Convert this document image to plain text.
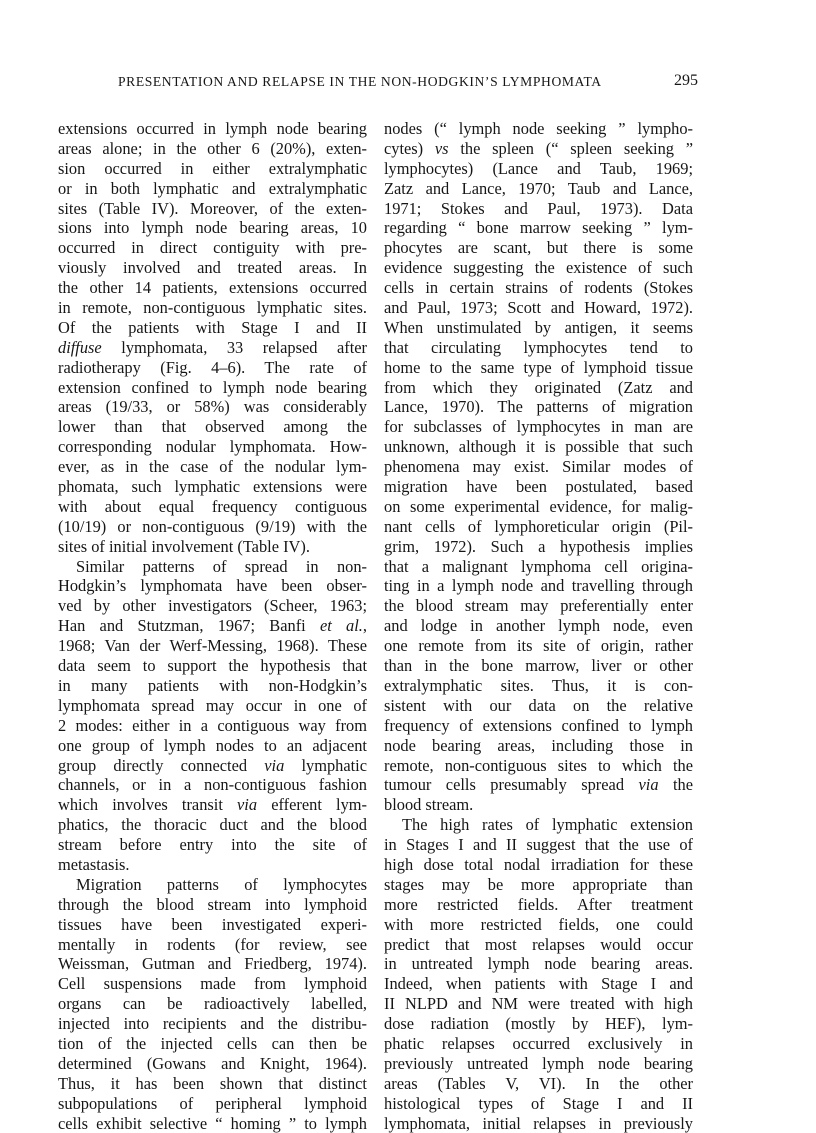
PRESENTATION AND RELAPSE IN THE NON-HODGKIN’S LYMPHOMATA	295
extensions occurred in lymph node bearing
areas alone; in the other 6 (20%), exten-
sion occurred in either extralymphatic
or in both lymphatic and extralymphatic
sites (Table IV). Moreover, of the exten-
sions into lymph node bearing areas, 10
occurred in direct contiguity with pre-
viously involved and treated areas. In
the other 14 patients, extensions occurred
in remote, non-contiguous lymphatic sites.
Of the patients with Stage I and II
diffuse lymphomata, 33 relapsed after
radiotherapy (Fig. 4–6). The rate of
extension confined to lymph node bearing
areas (19/33, or 58%) was considerably
lower than that observed among the
corresponding nodular lymphomata. How-
ever, as in the case of the nodular lym-
phomata, such lymphatic extensions were
with about equal frequency contiguous
(10/19) or non-contiguous (9/19) with the
sites of initial involvement (Table IV).
Similar patterns of spread in non-
Hodgkin’s lymphomata have been obser-
ved by other investigators (Scheer, 1963;
Han and Stutzman, 1967; Banfi et al.,
1968; Van der Werf-Messing, 1968). These
data seem to support the hypothesis that
in many patients with non-Hodgkin’s
lymphomata spread may occur in one of
2 modes: either in a contiguous way from
one group of lymph nodes to an adjacent
group directly connected via lymphatic
channels, or in a non-contiguous fashion
which involves transit via efferent lym-
phatics, the thoracic duct and the blood
stream before entry into the site of
metastasis.
Migration patterns of lymphocytes
through the blood stream into lymphoid
tissues have been investigated experi-
mentally in rodents (for review, see
Weissman, Gutman and Friedberg, 1974).
Cell suspensions made from lymphoid
organs can be radioactively labelled,
injected into recipients and the distribu-
tion of the injected cells can then be
determined (Gowans and Knight, 1964).
Thus, it has been shown that distinct
subpopulations of peripheral lymphoid
cells exhibit selective “ homing ” to lymph
nodes (“ lymph node seeking ” lympho-
cytes) vs the spleen (“ spleen seeking ”
lymphocytes) (Lance and Taub, 1969;
Zatz and Lance, 1970; Taub and Lance,
1971; Stokes and Paul, 1973). Data
regarding “ bone marrow seeking ” lym-
phocytes are scant, but there is some
evidence suggesting the existence of such
cells in certain strains of rodents (Stokes
and Paul, 1973; Scott and Howard, 1972).
When unstimulated by antigen, it seems
that circulating lymphocytes tend to
home to the same type of lymphoid tissue
from which they originated (Zatz and
Lance, 1970). The patterns of migration
for subclasses of lymphocytes in man are
unknown, although it is possible that such
phenomena may exist. Similar modes of
migration have been postulated, based
on some experimental evidence, for malig-
nant cells of lymphoreticular origin (Pil-
grim, 1972). Such a hypothesis implies
that a malignant lymphoma cell origina-
ting in a lymph node and travelling through
the blood stream may preferentially enter
and lodge in another lymph node, even
one remote from its site of origin, rather
than in the bone marrow, liver or other
extralymphatic sites. Thus, it is con-
sistent with our data on the relative
frequency of extensions confined to lymph
node bearing areas, including those in
remote, non-contiguous sites to which the
tumour cells presumably spread via the
blood stream.
The high rates of lymphatic extension
in Stages I and II suggest that the use of
high dose total nodal irradiation for these
stages may be more appropriate than
more restricted fields. After treatment
with more restricted fields, one could
predict that most relapses would occur
in untreated lymph node bearing areas.
Indeed, when patients with Stage I and
II NLPD and NM were treated with high
dose radiation (mostly by HEF), lym-
phatic relapses occurred exclusively in
previously untreated lymph node bearing
areas (Tables V, VI). In the other
histological types of Stage I and II
lymphomata, initial relapses in previously
